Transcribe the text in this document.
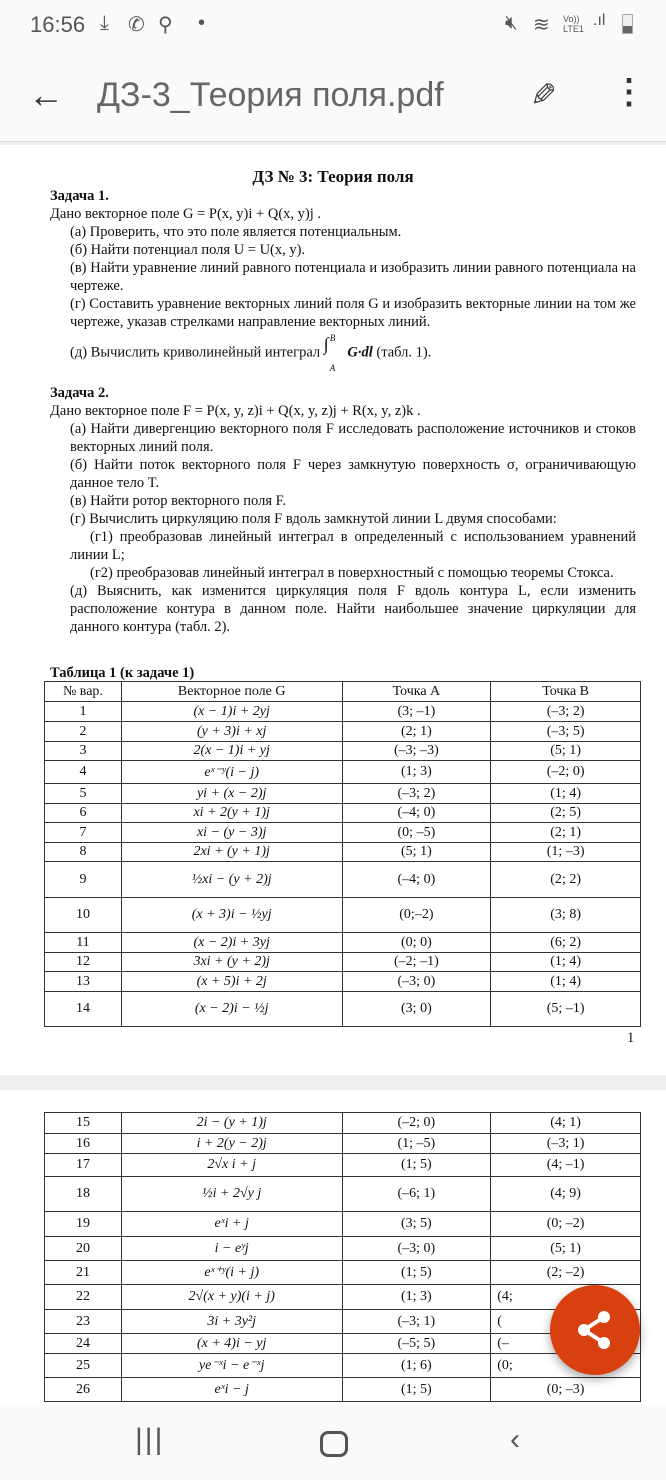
16:56 ⤓ ✆ ⚲ •	🔇︎ ≋ Vo)) LTE1 .ıl
← ДЗ-3_Теория поля.pdf	✎ ⋮
ДЗ № 3: Теория поля
Задача 1.
Дано векторное поле G = P(x, y)i + Q(x, y)j .
(а) Проверить, что это поле является потенциальным.
(б) Найти потенциал поля U = U(x, y).
(в) Найти уравнение линий равного потенциала и изобразить линии равного потенциала на чертеже.
(г) Составить уравнение векторных линий поля G и изобразить векторные линии на том же чертеже, указав стрелками направление векторных линий.
(д) Вычислить криволинейный интеграл ∫ B
A
G·dl (табл. 1).
Задача 2.
Дано векторное поле F = P(x, y, z)i + Q(x, y, z)j + R(x, y, z)k .
(а) Найти дивергенцию векторного поля F исследовать расположение источников и стоков векторных линий поля.
(б) Найти поток векторного поля F через замкнутую поверхность σ, ограничивающую данное тело T.
(в) Найти ротор векторного поля F.
(г) Вычислить циркуляцию поля F вдоль замкнутой линии L двумя способами:
(г1) преобразовав линейный интеграл в определенный с использованием уравнений линии L;
(г2) преобразовав линейный интеграл в поверхностный с помощью теоремы Стокса.
(д) Выяснить, как изменится циркуляция поля F вдоль контура L, если изменить расположение контура в данном поле. Найти наибольшее значение циркуляции для данного контура (табл. 2).
Таблица 1 (к задаче 1)
№ вар.	Векторное поле G	Точка A	Точка B
1	(x − 1)i + 2yj	(3; –1)	(–3; 2)
2	(y + 3)i + xj	(2; 1)	(–3; 5)
3	2(x − 1)i + yj	(–3; –3)	(5; 1)
4	eˣ⁻ʸ(i − j)	(1; 3)	(–2; 0)
5	yi + (x − 2)j	(–3; 2)	(1; 4)
6	xi + 2(y + 1)j	(–4; 0)	(2; 5)
7	xi − (y − 3)j	(0; –5)	(2; 1)
8	2xi + (y + 1)j	(5; 1)	(1; –3)
9	½xi − (y + 2)j	(–4; 0)	(2; 2)
10	(x + 3)i − ½yj	(0;–2)	(3; 8)
11	(x − 2)i + 3yj	(0; 0)	(6; 2)
12	3xi + (y + 2)j	(–2; –1)	(1; 4)
13	(x + 5)i + 2j	(–3; 0)	(1; 4)
14	(x − 2)i − ½j	(3; 0)	(5; –1)
1
15	2i − (y + 1)j	(–2; 0)	(4; 1)
16	i + 2(y − 2)j	(1; –5)	(–3; 1)
17	2√x i + j	(1; 5)	(4; –1)
18	½i + 2√y j	(–6; 1)	(4; 9)
19	eˣi + j	(3; 5)	(0; –2)
20	i − eʸj	(–3; 0)	(5; 1)
21	eˣ⁺ʸ(i + j)	(1; 5)	(2; –2)
22	2√(x + y)(i + j)	(1; 3)	(4;
23	3i + 3y²j	(–3; 1)	(
24	(x + 4)i − yj	(–5; 5)	(–
25	ye⁻ˣi − e⁻ˣj	(1; 6)	(0;
26	eˣi − j	(1; 5)	(0; –3)
|||	‹
